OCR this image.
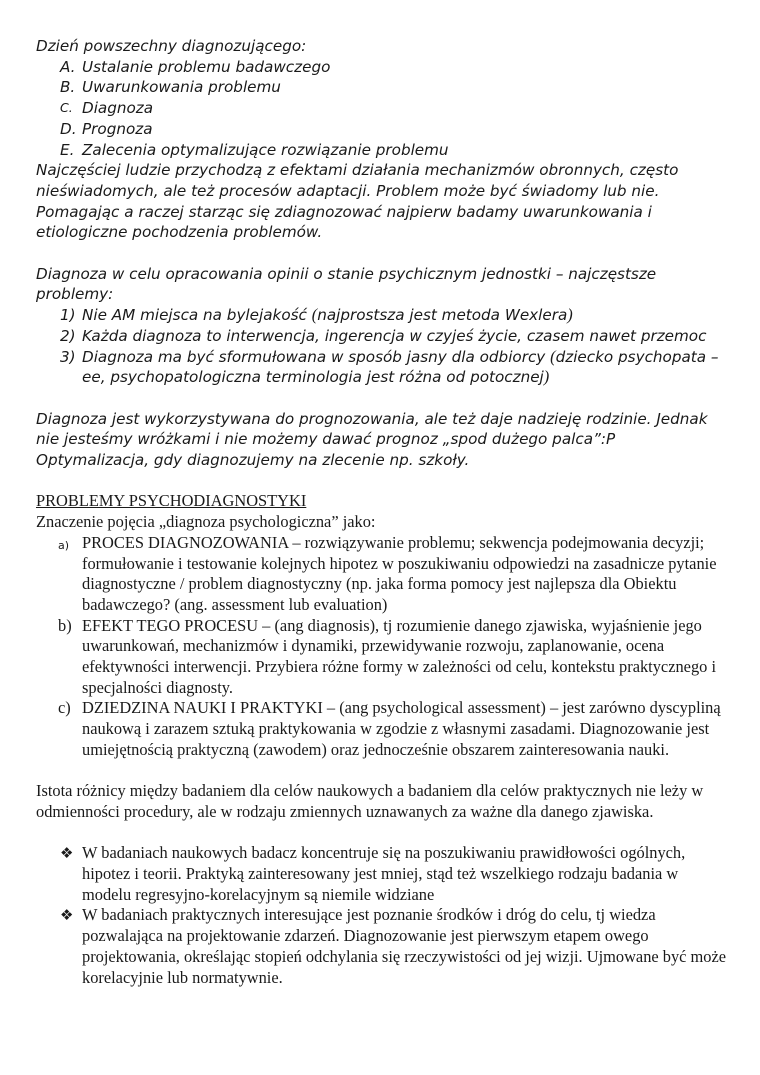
Dzień powszechny diagnozującego:

A. Ustalanie problemu badawczego
B. Uwarunkowania problemu
C. Diagnoza
D. Prognoza
E. Zalecenia optymalizujące rozwiązanie problemu

Najczęściej ludzie przychodzą z efektami działania mechanizmów obronnych, często nieświadomych, ale też procesów adaptacji. Problem może być świadomy lub nie. Pomagając a raczej starząc się zdiagnozować najpierw badamy uwarunkowania i etiologiczne pochodzenia problemów.

Diagnoza w celu opracowania opinii o stanie psychicznym jednostki – najczęstsze problemy:

1) Nie AM miejsca na bylejakość (najprostsza jest metoda Wexlera)
2) Każda diagnoza to interwencja, ingerencja w czyjeś życie, czasem nawet przemoc
3) Diagnoza ma być sformułowana w sposób jasny dla odbiorcy (dziecko psychopata – ee, psychopatologiczna terminologia jest różna od potocznej)

Diagnoza jest wykorzystywana do prognozowania, ale też daje nadzieję rodzinie. Jednak nie jesteśmy wróżkami i nie możemy dawać prognoz „spod dużego palca”:P

Optymalizacja, gdy diagnozujemy na zlecenie np. szkoły.

PROBLEMY PSYCHODIAGNOSTYKI

Znaczenie pojęcia „diagnoza psychologiczna” jako:

a) PROCES DIAGNOZOWANIA – rozwiązywanie problemu; sekwencja podejmowania decyzji; formułowanie i testowanie kolejnych hipotez w poszukiwaniu odpowiedzi na zasadnicze pytanie diagnostyczne / problem diagnostyczny (np. jaka forma pomocy jest najlepsza dla Obiektu badawczego? (ang. assessment lub evaluation)
b) EFEKT TEGO PROCESU – (ang diagnosis), tj rozumienie danego zjawiska, wyjaśnienie jego uwarunkowań, mechanizmów i dynamiki, przewidywanie rozwoju, zaplanowanie, ocena efektywności interwencji. Przybiera różne formy w zależności od celu, kontekstu praktycznego i specjalności diagnosty.
c) DZIEDZINA NAUKI I PRAKTYKI – (ang psychological assessment) – jest zarówno dyscypliną naukową i zarazem sztuką praktykowania w zgodzie z własnymi zasadami. Diagnozowanie jest umiejętnością praktyczną (zawodem) oraz jednocześnie obszarem zainteresowania nauki.

Istota różnicy między badaniem dla celów naukowych a badaniem dla celów praktycznych nie leży w odmienności procedury, ale w rodzaju zmiennych uznawanych za ważne dla danego zjawiska.

❖ W badaniach naukowych badacz koncentruje się na poszukiwaniu prawidłowości ogólnych, hipotez i teorii. Praktyką zainteresowany jest mniej, stąd też wszelkiego rodzaju badania w modelu regresyjno-korelacyjnym są niemile widziane
❖ W badaniach praktycznych interesujące jest poznanie środków i dróg do celu, tj wiedza pozwalająca na projektowanie zdarzeń. Diagnozowanie jest pierwszym etapem owego projektowania, określając stopień odchylania się rzeczywistości od jej wizji. Ujmowane być może korelacyjnie lub normatywnie.
